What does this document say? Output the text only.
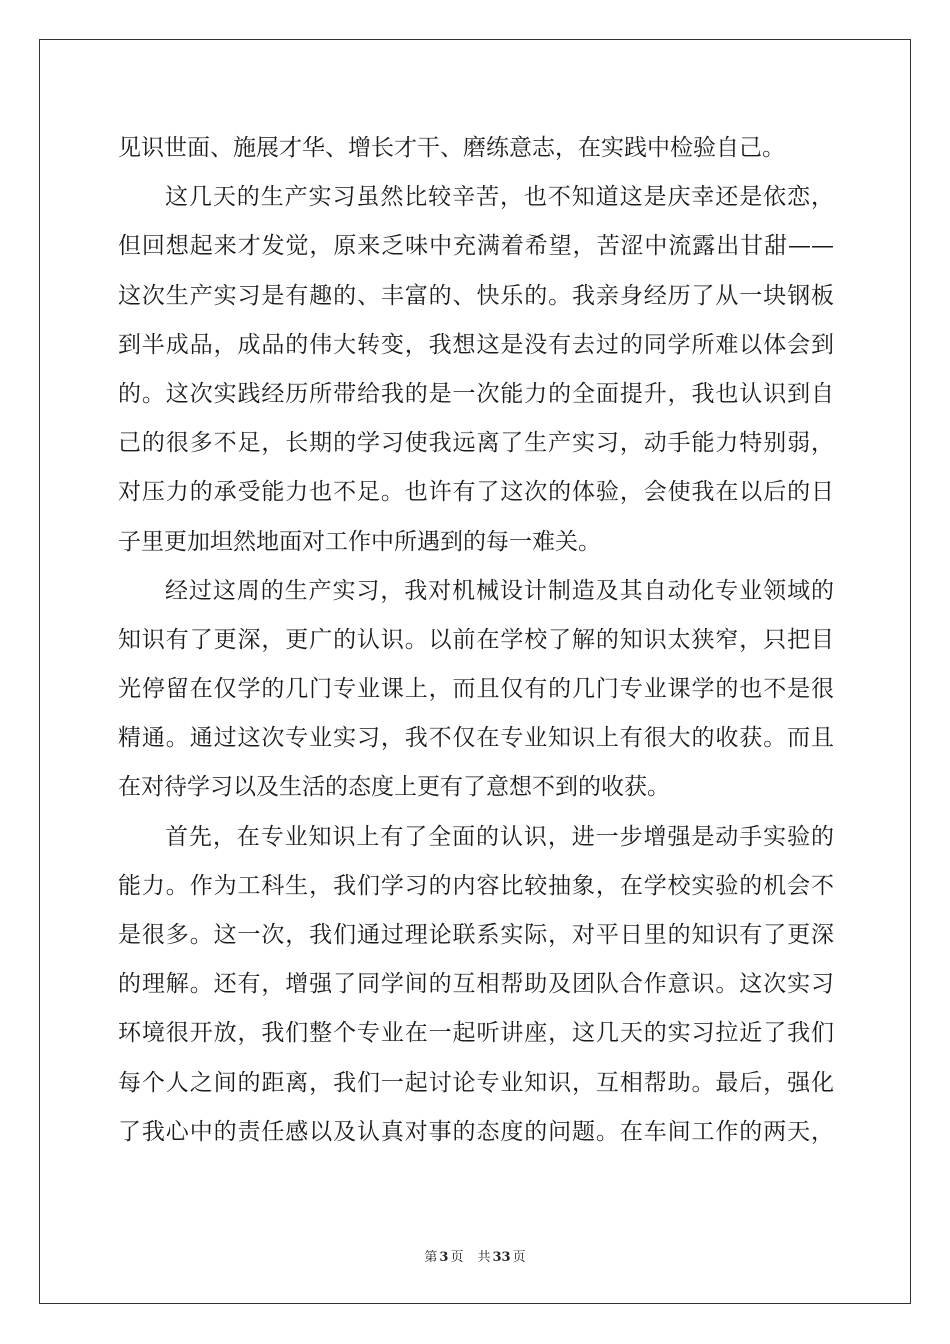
见识世面、施展才华、增长才干、磨练意志，在实践中检验自己。
这几天的生产实习虽然比较辛苦，也不知道这是庆幸还是依恋，
但回想起来才发觉，原来乏味中充满着希望，苦涩中流露出甘甜——
这次生产实习是有趣的、丰富的、快乐的。我亲身经历了从一块钢板
到半成品，成品的伟大转变，我想这是没有去过的同学所难以体会到
的。这次实践经历所带给我的是一次能力的全面提升，我也认识到自
己的很多不足，长期的学习使我远离了生产实习，动手能力特别弱，
对压力的承受能力也不足。也许有了这次的体验，会使我在以后的日
子里更加坦然地面对工作中所遇到的每一难关。
经过这周的生产实习，我对机械设计制造及其自动化专业领域的
知识有了更深，更广的认识。以前在学校了解的知识太狭窄，只把目
光停留在仅学的几门专业课上，而且仅有的几门专业课学的也不是很
精通。通过这次专业实习，我不仅在专业知识上有很大的收获。而且
在对待学习以及生活的态度上更有了意想不到的收获。
首先，在专业知识上有了全面的认识，进一步增强是动手实验的
能力。作为工科生，我们学习的内容比较抽象，在学校实验的机会不
是很多。这一次，我们通过理论联系实际，对平日里的知识有了更深
的理解。还有，增强了同学间的互相帮助及团队合作意识。这次实习
环境很开放，我们整个专业在一起听讲座，这几天的实习拉近了我们
每个人之间的距离，我们一起讨论专业知识，互相帮助。最后，强化
了我心中的责任感以及认真对事的态度的问题。在车间工作的两天，
第 3 页 共 33 页
